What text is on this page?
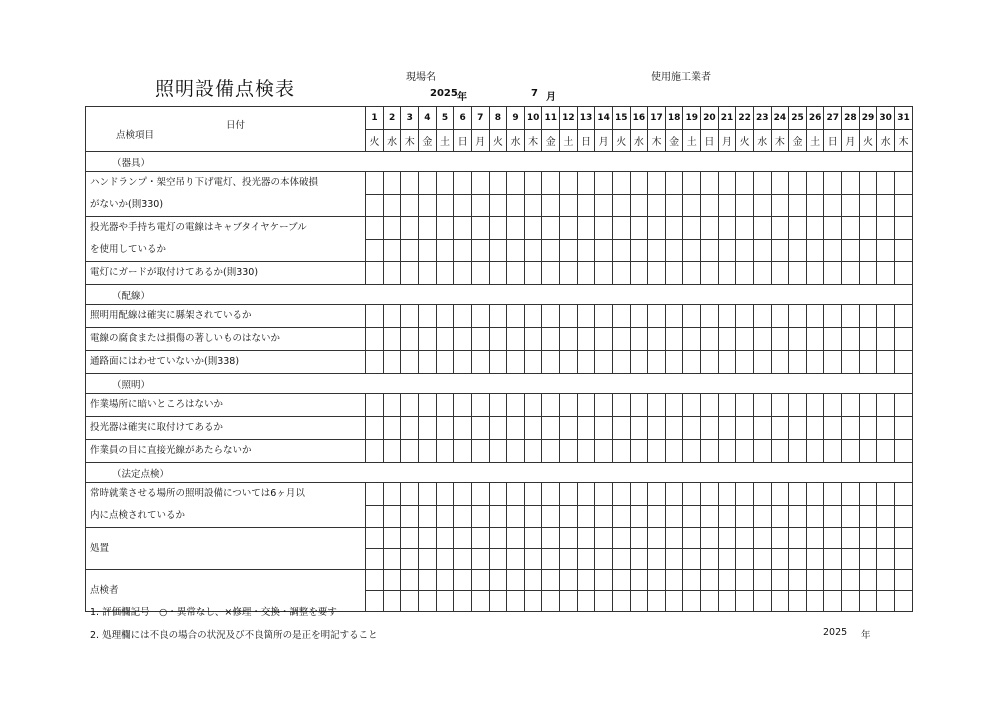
照明設備点検表
現場名	使用施工業者
2025 年	7 月
日付
点検項目	1	2	3	4	5	6	7	8	9	10	11	12	13	14	15	16	17	18	19	20	21	22	23	24	25	26	27	28	29	30	31
	火	水	木	金	土	日	月	火	水	木	金	土	日	月	火	水	木	金	土	日	月	火	水	木	金	土	日	月	火	水	木
（器具）																															
ハンドランプ・架空吊り下げ電灯、投光器の本体破損																															
がないか(則330)																															
投光器や手持ち電灯の電線はキャブタイヤケーブル																															
を使用しているか																															
電灯にガードが取付けてあるか(則330)																															
（配線）																															
照明用配線は確実に縣架されているか																															
電線の腐食または損傷の著しいものはないか																															
通路面にはわせていないか(則338)																															
（照明）																															
作業場所に暗いところはないか																															
投光器は確実に取付けてあるか																															
作業員の目に直接光線があたらないか																															
（法定点検）																															
常時就業させる場所の照明設備については6ヶ月以																															
内に点検されているか																															
処置																															

点検者																															

1. 評価欄記号　○・異常なし、×修理・交換・調整を要す
2. 処理欄には不良の場合の状況及び不良箇所の是正を明記すること	2025 年
